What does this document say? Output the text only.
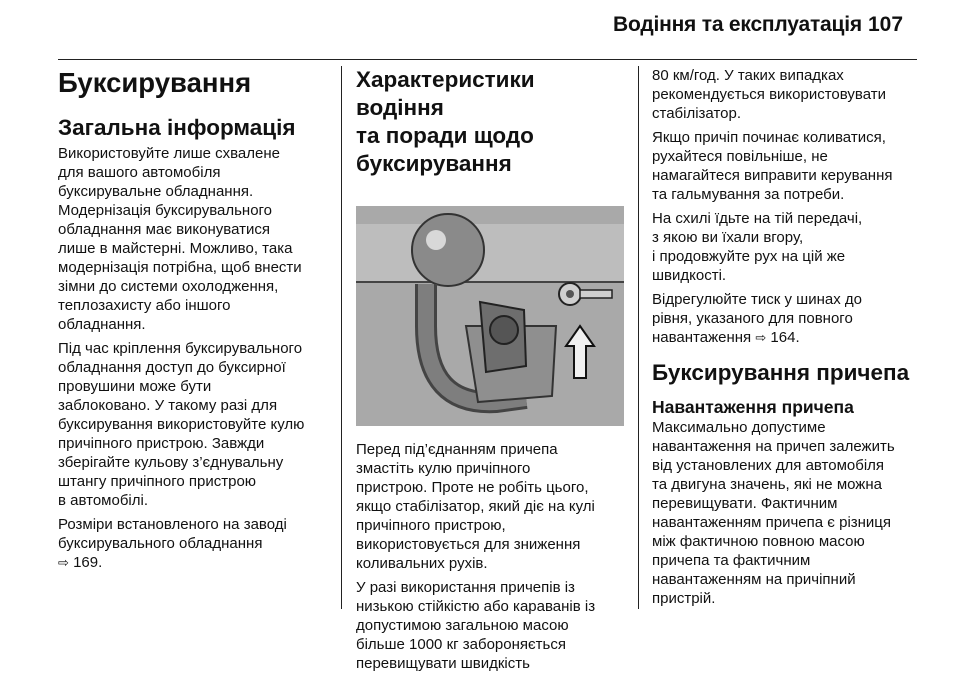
Водіння та експлуатація 107
Буксирування
Загальна інформація

Використовуйте лише схвалене
для вашого автомобіля
буксирувальне обладнання.
Модернізація буксирувального
обладнання має виконуватися
лише в майстерні. Можливо, така
модернізація потрібна, щоб внести
зімни до системи охолодження,
теплозахисту або іншого
обладнання.

Під час кріплення буксирувального
обладнання доступ до буксирної
провушини може бути
заблоковано. У такому разі для
буксирування використовуйте кулю
причіпного пристрою. Завжди
зберігайте кульову з’єднувальну
штангу причіпного пристрою
в автомобілі.

Розміри встановленого на заводі
буксирувального обладнання
⇨ 169.

Характеристики водіння
та поради щодо
буксирування

Перед під’єднанням причепа
змастіть кулю причіпного
пристрою. Проте не робіть цього,
якщо стабілізатор, який діє на кулі
причіпного пристрою,
використовується для зниження
коливальних рухів.

У разі використання причепів із
низькою стійкістю або караванів із
допустимою загальною масою
більше 1000 кг забороняється
перевищувати швидкість

80 км/год. У таких випадках
рекомендується використовувати
стабілізатор.

Якщо причіп починає коливатися,
рухайтеся повільніше, не
намагайтеся виправити керування
та гальмування за потреби.

На схилі їдьте на тій передачі,
з якою ви їхали вгору,
і продовжуйте рух на цій же
швидкості.

Відрегулюйте тиск у шинах до
рівня, указаного для повного
навантаження ⇨ 164.

Буксирування причепа
Навантаження причепа

Максимально допустиме
навантаження на причеп залежить
від установлених для автомобіля
та двигуна значень, які не можна
перевищувати. Фактичним
навантаженням причепа є різниця
між фактичною повною масою
причепа та фактичним
навантаженням на причіпний
пристрій.
